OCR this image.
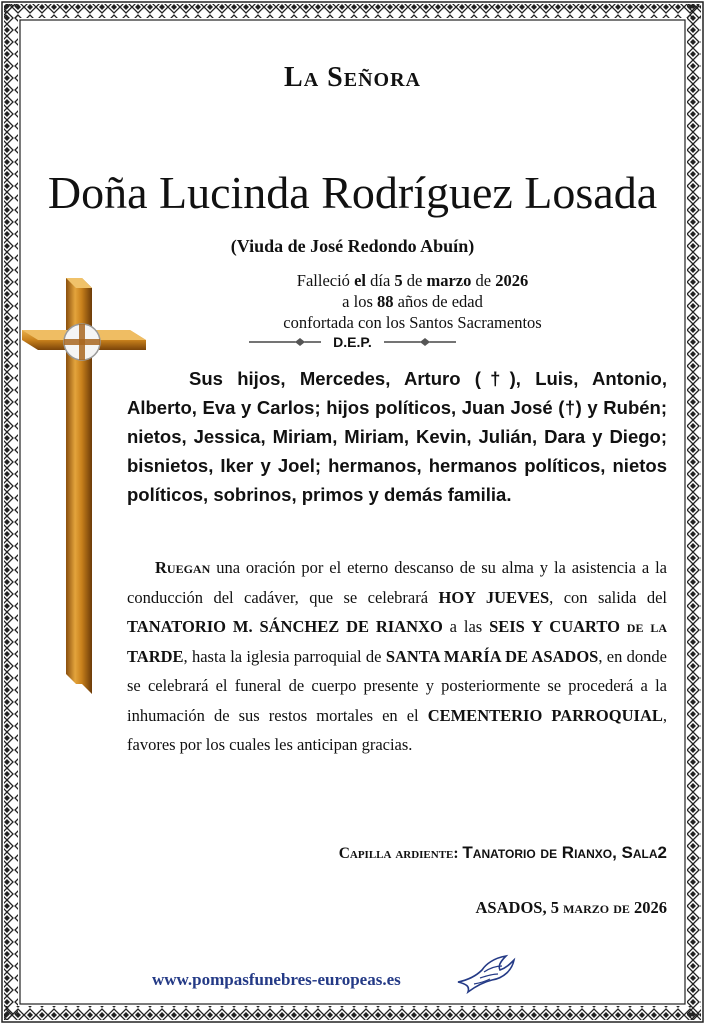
La Señora
Doña Lucinda Rodríguez Losada
(Viuda de José Redondo Abuín)
Falleció el día 5 de marzo de 2026
a los 88 años de edad
confortada con los Santos Sacramentos
D.E.P.
Sus hijos, Mercedes, Arturo (†), Luis, Antonio, Alberto, Eva y Carlos; hijos políticos, Juan José (†) y Rubén; nietos, Jessica, Miriam, Miriam, Kevin, Julián, Dara y Diego; bisnietos, Iker y Joel; hermanos, hermanos políticos, nietos políticos, sobrinos, primos y demás familia.
Ruegan una oración por el eterno descanso de su alma y la asistencia a la conducción del cadáver, que se celebrará HOY JUEVES, con salida del TANATORIO M. SÁNCHEZ DE RIANXO a las SEIS Y CUARTO de la TARDE, hasta la iglesia parroquial de SANTA MARÍA DE ASADOS, en donde se celebrará el funeral de cuerpo presente y posteriormente se procederá a la inhumación de sus restos mortales en el CEMENTERIO PARROQUIAL, favores por los cuales les anticipan gracias.
Capilla ardiente: Tanatorio de Rianxo, Sala2
ASADOS, 5 marzo de 2026
www.pompasfunebres-europeas.es
